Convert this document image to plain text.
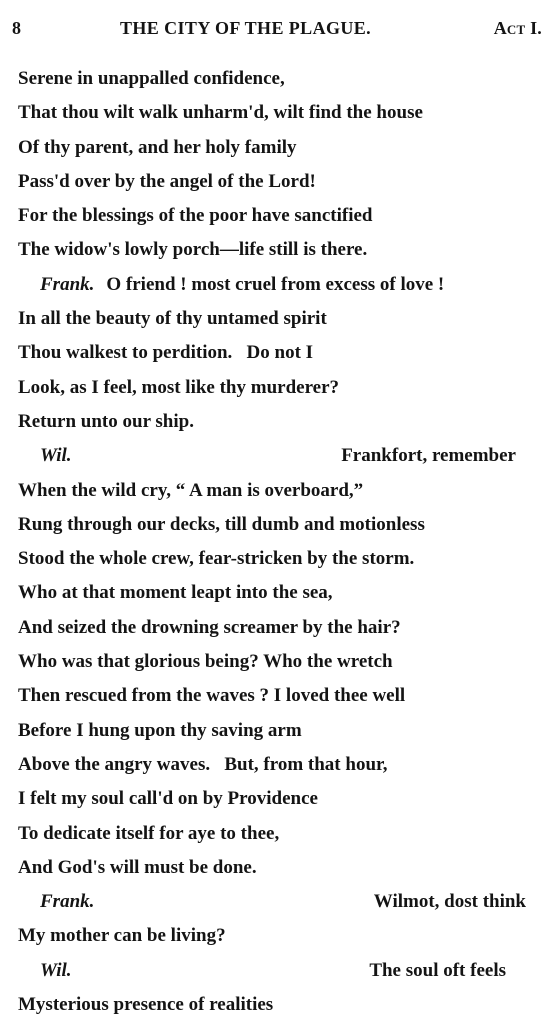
8	THE CITY OF THE PLAGUE.	Act I.
Serene in unappalled confidence,
That thou wilt walk unharm'd, wilt find the house
Of thy parent, and her holy family
Pass'd over by the angel of the Lord!
For the blessings of the poor have sanctified
The widow's lowly porch—life still is there.
Frank. O friend ! most cruel from excess of love !
In all the beauty of thy untamed spirit
Thou walkest to perdition.   Do not I
Look, as I feel, most like thy murderer?
Return unto our ship.
Wil.	Frankfort, remember
When the wild cry, “ A man is overboard,”
Rung through our decks, till dumb and motionless
Stood the whole crew, fear-stricken by the storm.
Who at that moment leapt into the sea,
And seized the drowning screamer by the hair?
Who was that glorious being? Who the wretch
Then rescued from the waves ? I loved thee well
Before I hung upon thy saving arm
Above the angry waves.   But, from that hour,
I felt my soul call'd on by Providence
To dedicate itself for aye to thee,
And God's will must be done.
Frank.	Wilmot, dost think
My mother can be living?
Wil.	The soul oft feels
Mysterious presence of realities
